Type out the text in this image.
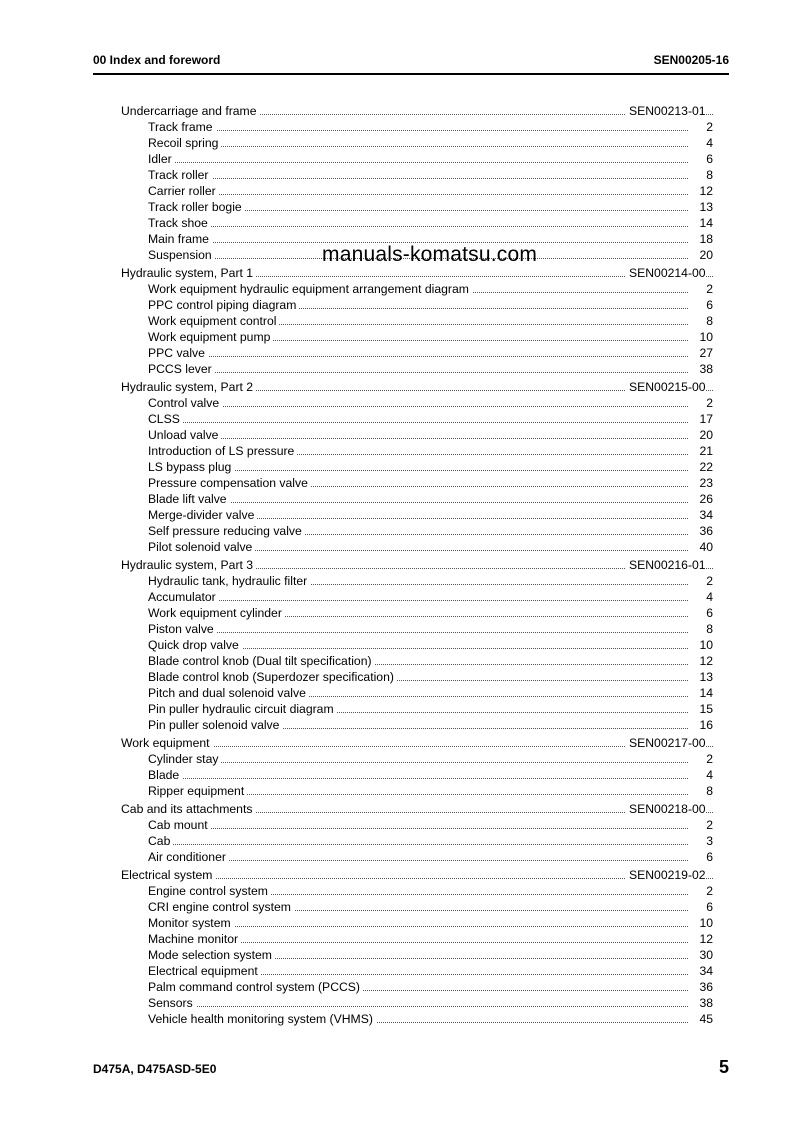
00 Index and foreword	SEN00205-16
Undercarriage and frame	SEN00213-01
Track frame	2
Recoil spring	4
Idler	6
Track roller	8
Carrier roller	12
Track roller bogie	13
Track shoe	14
Main frame	18
Suspension	20
Hydraulic system, Part 1	SEN00214-00
Work equipment hydraulic equipment arrangement diagram	2
PPC control piping diagram	6
Work equipment control	8
Work equipment pump	10
PPC valve	27
PCCS lever	38
Hydraulic system, Part 2	SEN00215-00
Control valve	2
CLSS	17
Unload valve	20
Introduction of LS pressure	21
LS bypass plug	22
Pressure compensation valve	23
Blade lift valve	26
Merge-divider valve	34
Self pressure reducing valve	36
Pilot solenoid valve	40
Hydraulic system, Part 3	SEN00216-01
Hydraulic tank, hydraulic filter	2
Accumulator	4
Work equipment cylinder	6
Piston valve	8
Quick drop valve	10
Blade control knob (Dual tilt specification)	12
Blade control knob (Superdozer specification)	13
Pitch and dual solenoid valve	14
Pin puller hydraulic circuit diagram	15
Pin puller solenoid valve	16
Work equipment	SEN00217-00
Cylinder stay	2
Blade	4
Ripper equipment	8
Cab and its attachments	SEN00218-00
Cab mount	2
Cab	3
Air conditioner	6
Electrical system	SEN00219-02
Engine control system	2
CRI engine control system	6
Monitor system	10
Machine monitor	12
Mode selection system	30
Electrical equipment	34
Palm command control system (PCCS)	36
Sensors	38
Vehicle health monitoring system (VHMS)	45
manuals-komatsu.com
D475A, D475ASD-5E0	5
